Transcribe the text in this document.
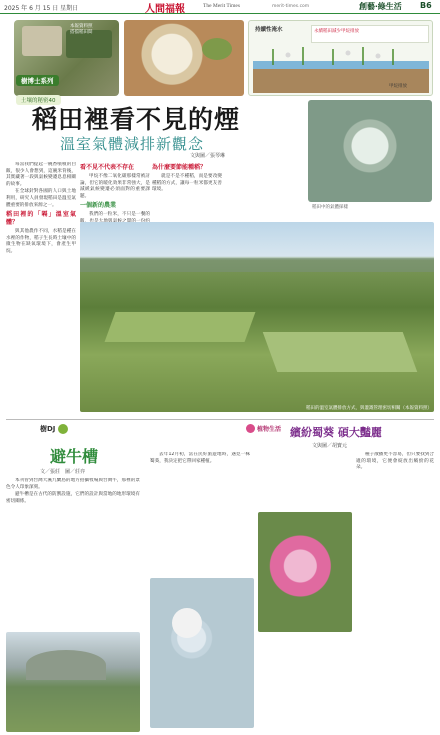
2025 年 6 月 15 日 星期日	人間福報	The Merit Times	merit-times.com	創藝‧綠生活 B6
本報資料照
搭擋稻田間
樹博士系列 土壤的秘密40
持續性淹水	永續稻田減少甲烷排放
甲烷排放
稻田裡看不見的煙
溫室氣體減排新觀念
文與圖／張琴琳
稻田中的氣體採樣

每當我們提起一碗香噴噴的白飯，很少人會想到，這碗米背後，其實藏著一段與氣候變遷息息相關的故事。

在全球針對各國的人口與土地利用，研究人員發現稻田是溫室氣體重要的排放來源之一。

稻田裡的「嗝」溫室氣體？

與其他農作不同，水稻是種在水裡的作物，稻子生長時土壤中的微生物在缺氧環境下，會產生甲烷。

看不見不代表不存在

甲烷不像二氧化碳那樣常被討論，但它的暖化效果非常強大，是減緩氣候變遷必須面對的重要課題。

一個新的農業

我們的一粒米，不只是一餐的

為什麼要節能種稻？

就是不是不種稻，而是要改變種稻的方式，讓每一粒米都更友善環境。

稻田的溫室氣體排放方式，與灌溉管理密切相關（本報資料照）
樹DJ
避牛槽
文／張莊　圖／莊弈

本刊曾到台灣大溪九蘭島的地方拍攝牧場與台灣牛，那裡的景色令人印象深刻。

避牛槽是在古代的防禦設施，它們的設計與當地的地形環境有密切關係。

植物生活 繽紛蜀葵 碩大豔麗
文與圖／胡寶元

去年12月初，當在民好旅遊地時，遇見一株蜀葵，我決定把它帶回家種植。

種子散播更不容易，但只要找到合適的環境，它便會綻放出繽紛的花朵。
